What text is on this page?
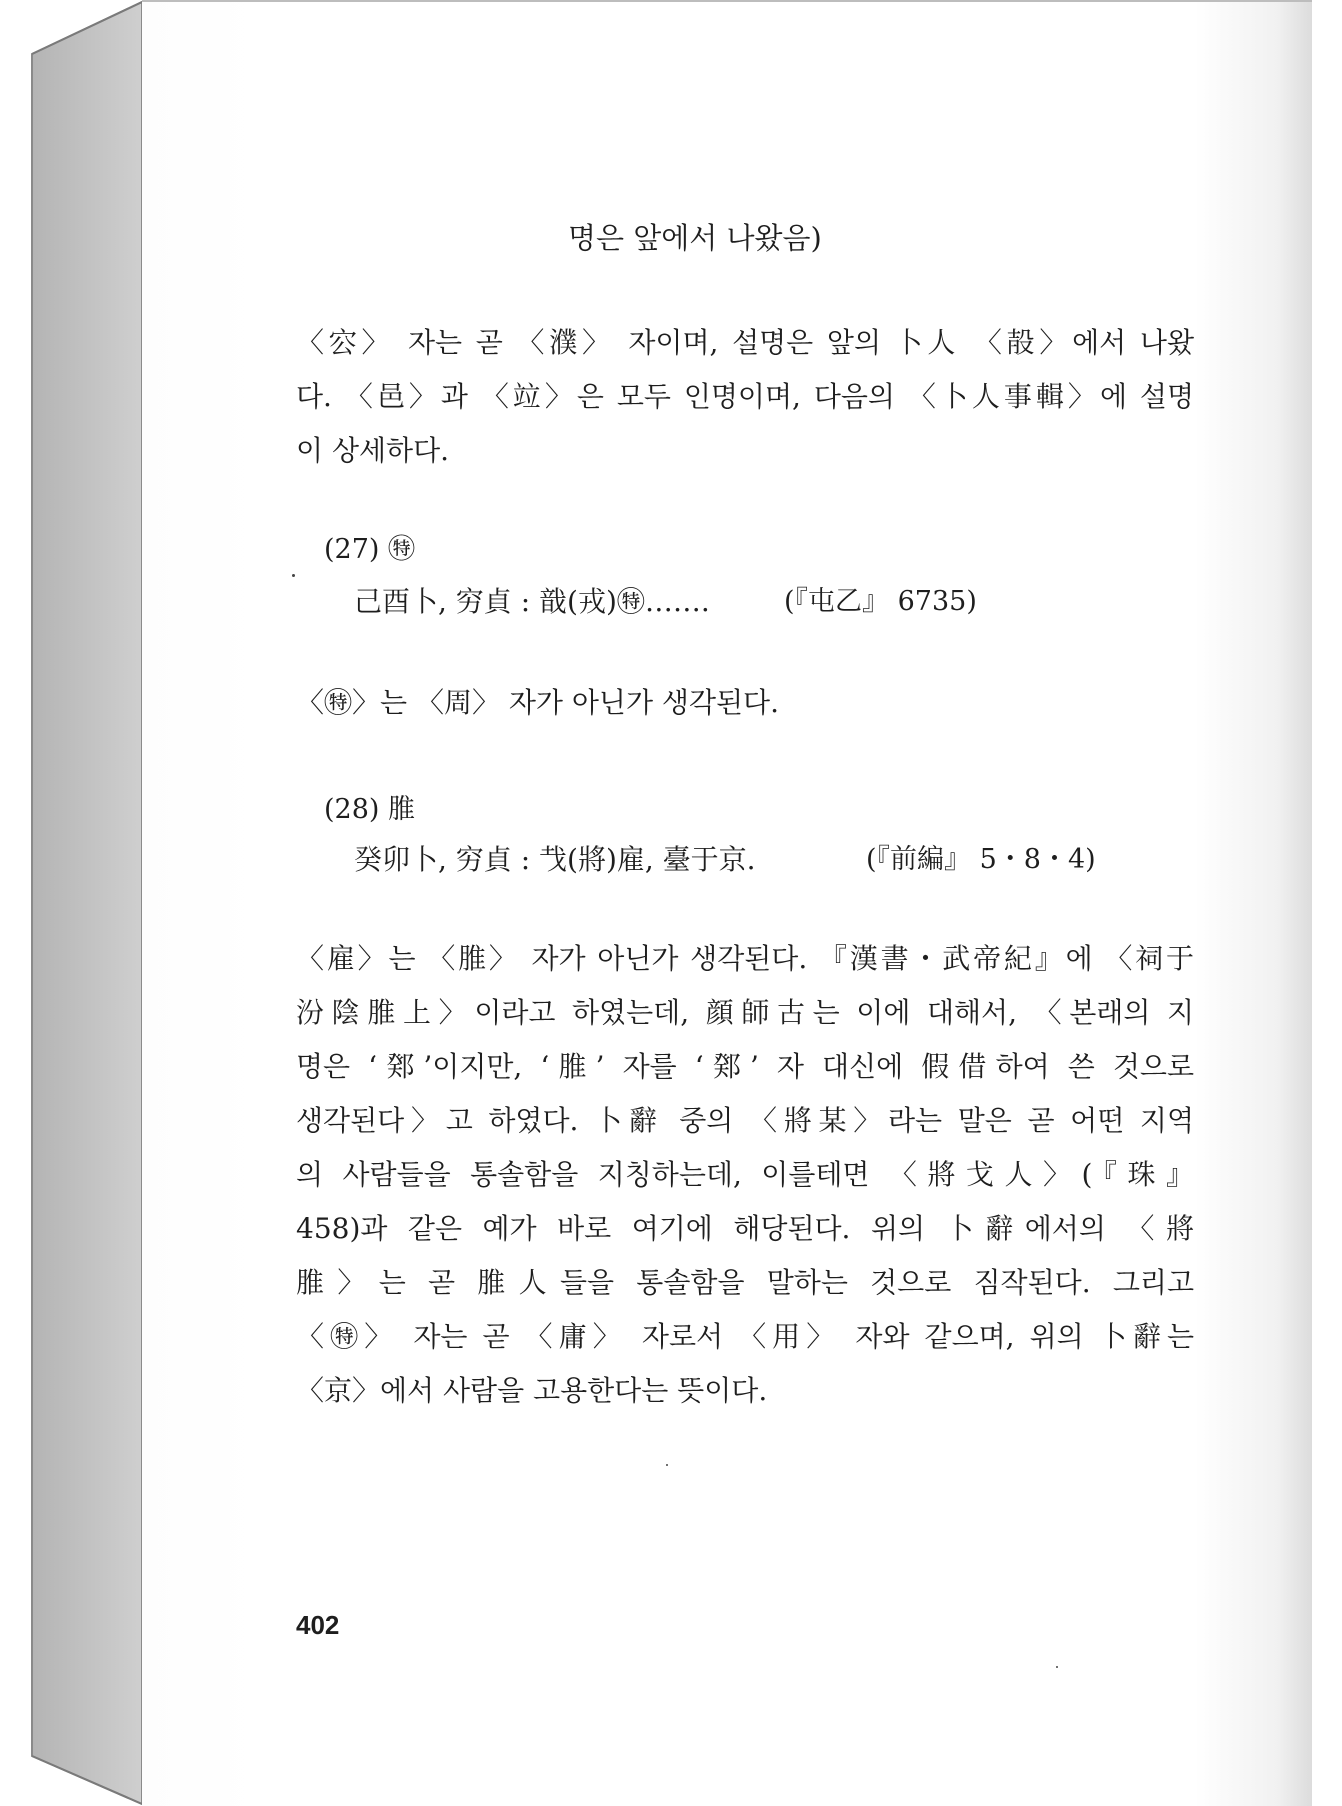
명은 앞에서 나왔음)
〈㝐〉 자는 곧 〈濮〉 자이며, 설명은 앞의 卜人 〈㱿〉에서 나왔
다. 〈邑〉과 〈竝〉은 모두 인명이며, 다음의 〈卜人事輯〉에 설명
이 상세하다.
(27) ㊕
己酉卜, 穷貞 : 戠(戎)㊕…….	(『屯乙』 6735)
〈㊕〉는 〈周〉 자가 아닌가 생각된다.
(28) 脽
癸卯卜, 穷貞 : 𢦏(將)雇, 臺于京.	(『前編』 5・8・4)
〈雇〉는 〈脽〉 자가 아닌가 생각된다. 『漢書・武帝紀』에 〈祠于
汾陰脽上〉이라고 하였는데, 顔師古는 이에 대해서, 〈본래의 지
명은 ‘鄈’이지만, ‘脽’ 자를 ‘鄈’ 자 대신에 假借하여 쓴 것으로
생각된다〉고 하였다. 卜辭 중의 〈將某〉라는 말은 곧 어떤 지역
의 사람들을 통솔함을 지칭하는데, 이를테면 〈將戈人〉(『珠』
458)과 같은 예가 바로 여기에 해당된다. 위의 卜辭에서의 〈將
脽〉는 곧 脽人들을 통솔함을 말하는 것으로 짐작된다. 그리고
〈㊕〉 자는 곧 〈庸〉 자로서 〈用〉 자와 같으며, 위의 卜辭는
〈京〉에서 사람을 고용한다는 뜻이다.
402
